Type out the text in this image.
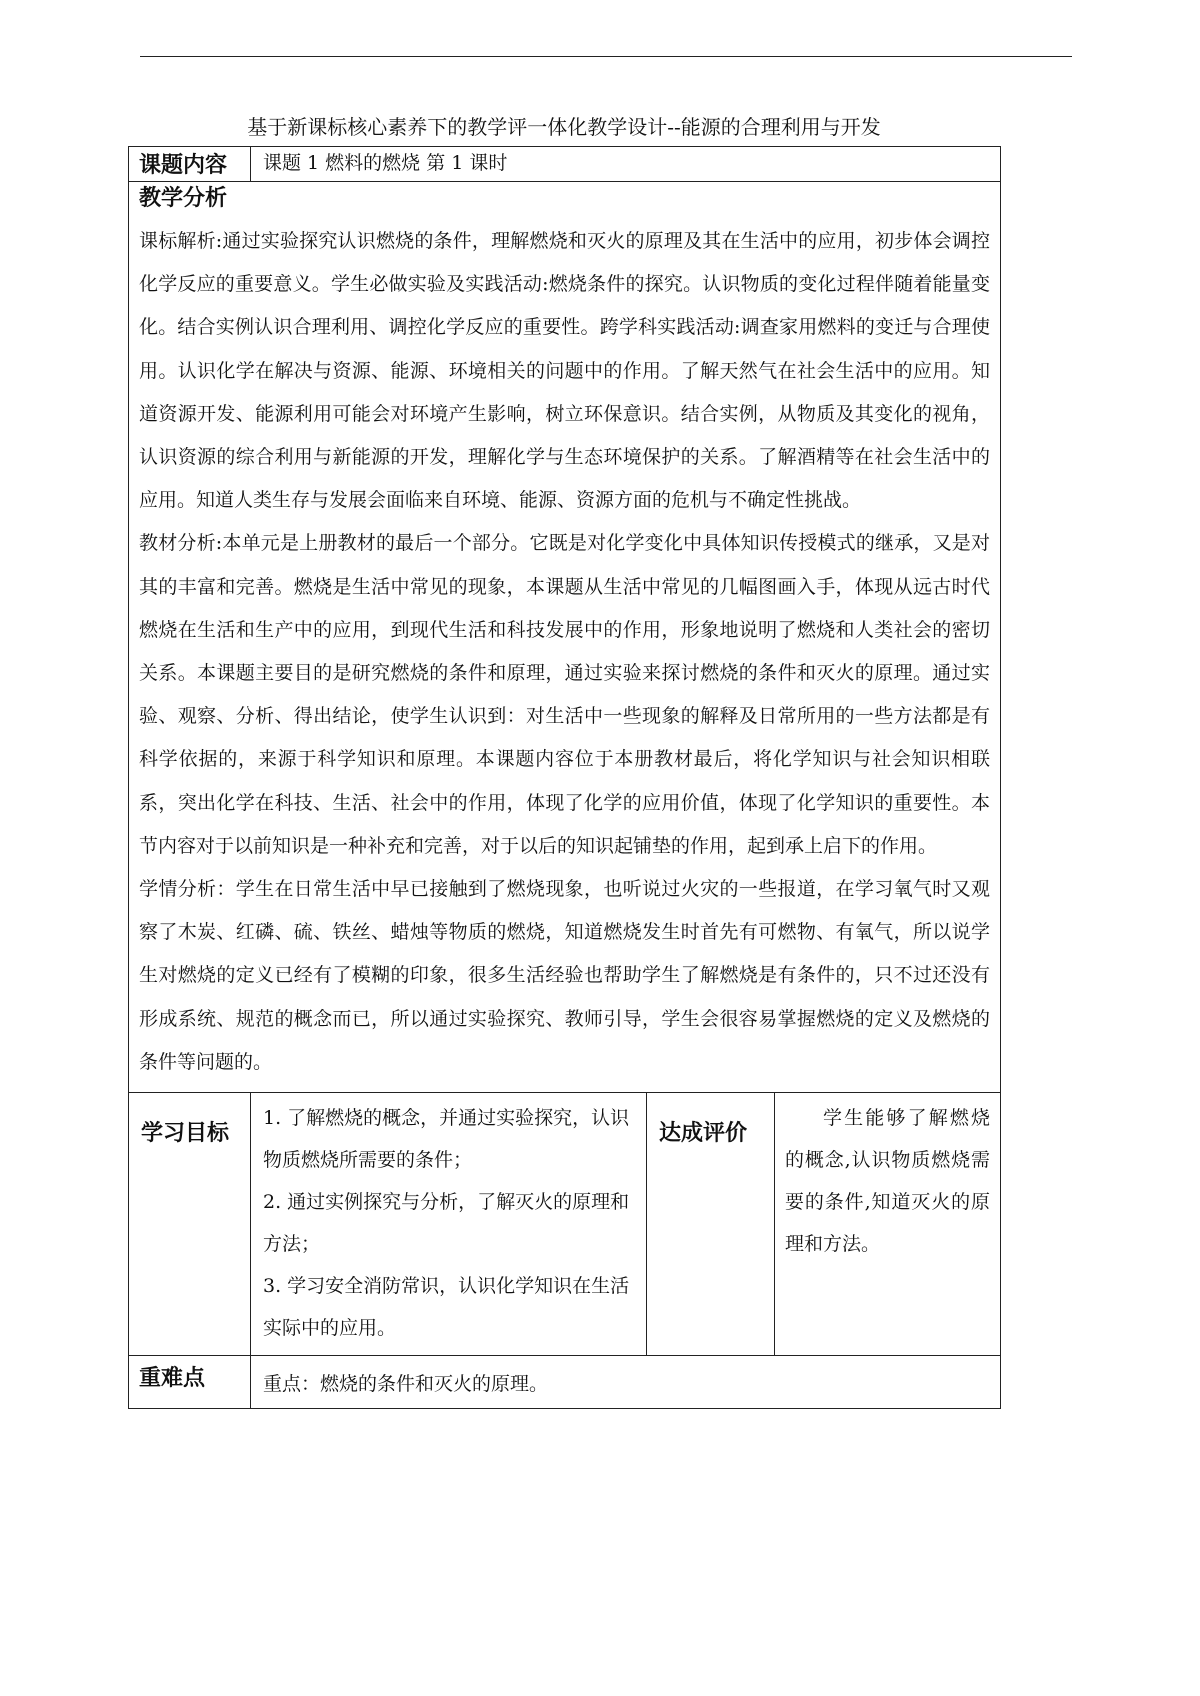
基于新课标核心素养下的教学评一体化教学设计--能源的合理利用与开发
课题内容	课题 1 燃料的燃烧 第 1 课时		

教学分析

课标解析:通过实验探究认识燃烧的条件，理解燃烧和灭火的原理及其在生活中的应用，初步体会调控化学反应的重要意义。学生必做实验及实践活动:燃烧条件的探究。认识物质的变化过程伴随着能量变化。结合实例认识合理利用、调控化学反应的重要性。跨学科实践活动:调查家用燃料的变迁与合理使用。认识化学在解决与资源、能源、环境相关的问题中的作用。了解天然气在社会生活中的应用。知道资源开发、能源利用可能会对环境产生影响，树立环保意识。结合实例，从物质及其变化的视角，认识资源的综合利用与新能源的开发，理解化学与生态环境保护的关系。了解酒精等在社会生活中的应用。知道人类生存与发展会面临来自环境、能源、资源方面的危机与不确定性挑战。

教材分析:本单元是上册教材的最后一个部分。它既是对化学变化中具体知识传授模式的继承，又是对其的丰富和完善。燃烧是生活中常见的现象，本课题从生活中常见的几幅图画入手，体现从远古时代燃烧在生活和生产中的应用，到现代生活和科技发展中的作用，形象地说明了燃烧和人类社会的密切关系。本课题主要目的是研究燃烧的条件和原理，通过实验来探讨燃烧的条件和灭火的原理。通过实验、观察、分析、得出结论，使学生认识到：对生活中一些现象的解释及日常所用的一些方法都是有科学依据的，来源于科学知识和原理。本课题内容位于本册教材最后，将化学知识与社会知识相联系，突出化学在科技、生活、社会中的作用，体现了化学的应用价值，体现了化学知识的重要性。本节内容对于以前知识是一种补充和完善，对于以后的知识起铺垫的作用，起到承上启下的作用。

学情分析：学生在日常生活中早已接触到了燃烧现象，也听说过火灾的一些报道，在学习氧气时又观察了木炭、红磷、硫、铁丝、蜡烛等物质的燃烧，知道燃烧发生时首先有可燃物、有氧气，所以说学生对燃烧的定义已经有了模糊的印象，很多生活经验也帮助学生了解燃烧是有条件的，只不过还没有形成系统、规范的概念而已，所以通过实验探究、教师引导，学生会很容易掌握燃烧的定义及燃烧的条件等问题的。			

学习目标	1. 了解燃烧的概念，并通过实验探究，认识物质燃烧所需要的条件；

2. 通过实例探究与分析，了解灭火的原理和方法；

3. 学习安全消防常识，认识化学知识在生活实际中的应用。	达成评价	学生能够了解燃烧的概念,认识物质燃烧需要的条件,知道灭火的原理和方法。

重难点	重点：燃烧的条件和灭火的原理。		
